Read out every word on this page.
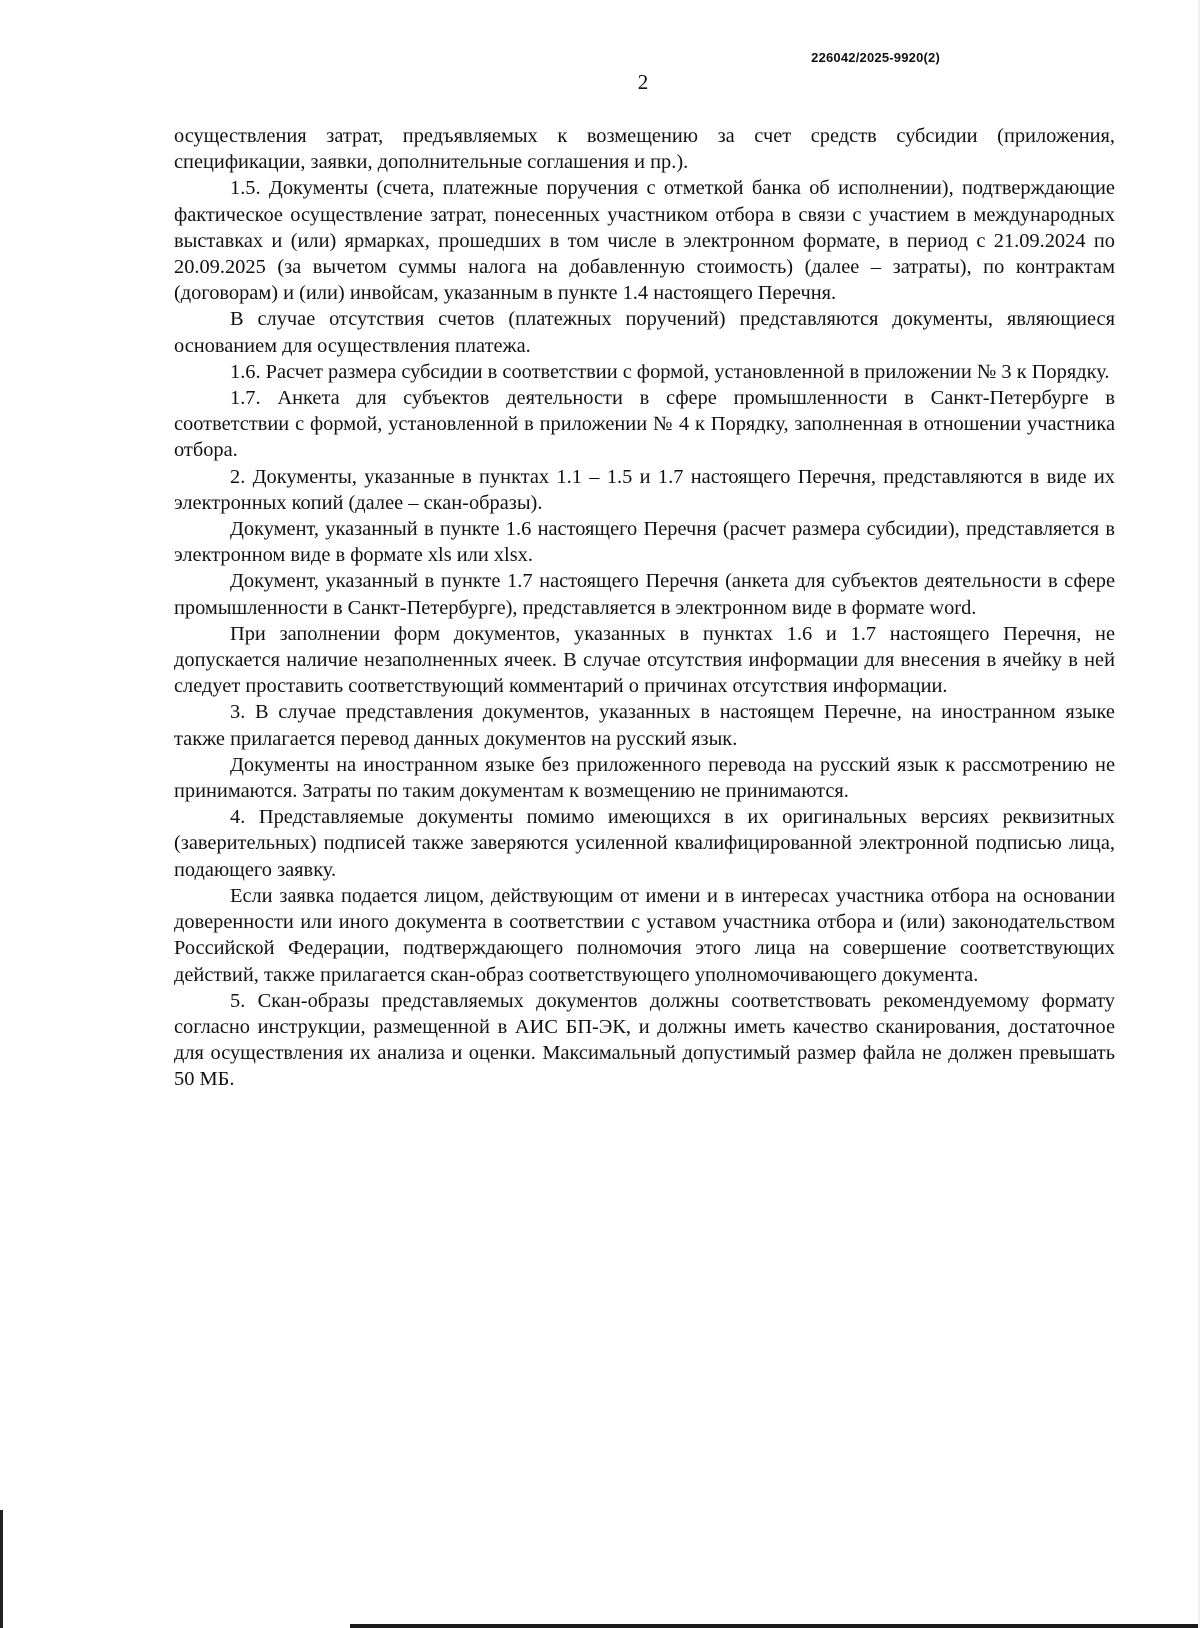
226042/2025-9920(2)
2

осуществления затрат, предъявляемых к возмещению за счет средств субсидии (приложения, спецификации, заявки, дополнительные соглашения и пр.).

1.5. Документы (счета, платежные поручения с отметкой банка об исполнении), подтверждающие фактическое осуществление затрат, понесенных участником отбора в связи с участием в международных выставках и (или) ярмарках, прошедших в том числе в электронном формате, в период с 21.09.2024 по 20.09.2025 (за вычетом суммы налога на добавленную стоимость) (далее – затраты), по контрактам (договорам) и (или) инвойсам, указанным в пункте 1.4 настоящего Перечня.

В случае отсутствия счетов (платежных поручений) представляются документы, являющиеся основанием для осуществления платежа.

1.6. Расчет размера субсидии в соответствии с формой, установленной в приложении № 3 к Порядку.

1.7. Анкета для субъектов деятельности в сфере промышленности в Санкт-Петербурге в соответствии с формой, установленной в приложении № 4 к Порядку, заполненная в отношении участника отбора.

2. Документы, указанные в пунктах 1.1 – 1.5 и 1.7 настоящего Перечня, представляются в виде их электронных копий (далее – скан-образы).

Документ, указанный в пункте 1.6 настоящего Перечня (расчет размера субсидии), представляется в электронном виде в формате xls или xlsx.

Документ, указанный в пункте 1.7 настоящего Перечня (анкета для субъектов деятельности в сфере промышленности в Санкт-Петербурге), представляется в электронном виде в формате word.

При заполнении форм документов, указанных в пунктах 1.6 и 1.7 настоящего Перечня, не допускается наличие незаполненных ячеек. В случае отсутствия информации для внесения в ячейку в ней следует проставить соответствующий комментарий о причинах отсутствия информации.

3. В случае представления документов, указанных в настоящем Перечне, на иностранном языке также прилагается перевод данных документов на русский язык.

Документы на иностранном языке без приложенного перевода на русский язык к рассмотрению не принимаются. Затраты по таким документам к возмещению не принимаются.

4. Представляемые документы помимо имеющихся в их оригинальных версиях реквизитных (заверительных) подписей также заверяются усиленной квалифицированной электронной подписью лица, подающего заявку.

Если заявка подается лицом, действующим от имени и в интересах участника отбора на основании доверенности или иного документа в соответствии с уставом участника отбора и (или) законодательством Российской Федерации, подтверждающего полномочия этого лица на совершение соответствующих действий, также прилагается скан-образ соответствующего уполномочивающего документа.

5. Скан-образы представляемых документов должны соответствовать рекомендуемому формату согласно инструкции, размещенной в АИС БП-ЭК, и должны иметь качество сканирования, достаточное для осуществления их анализа и оценки. Максимальный допустимый размер файла не должен превышать 50 МБ.
